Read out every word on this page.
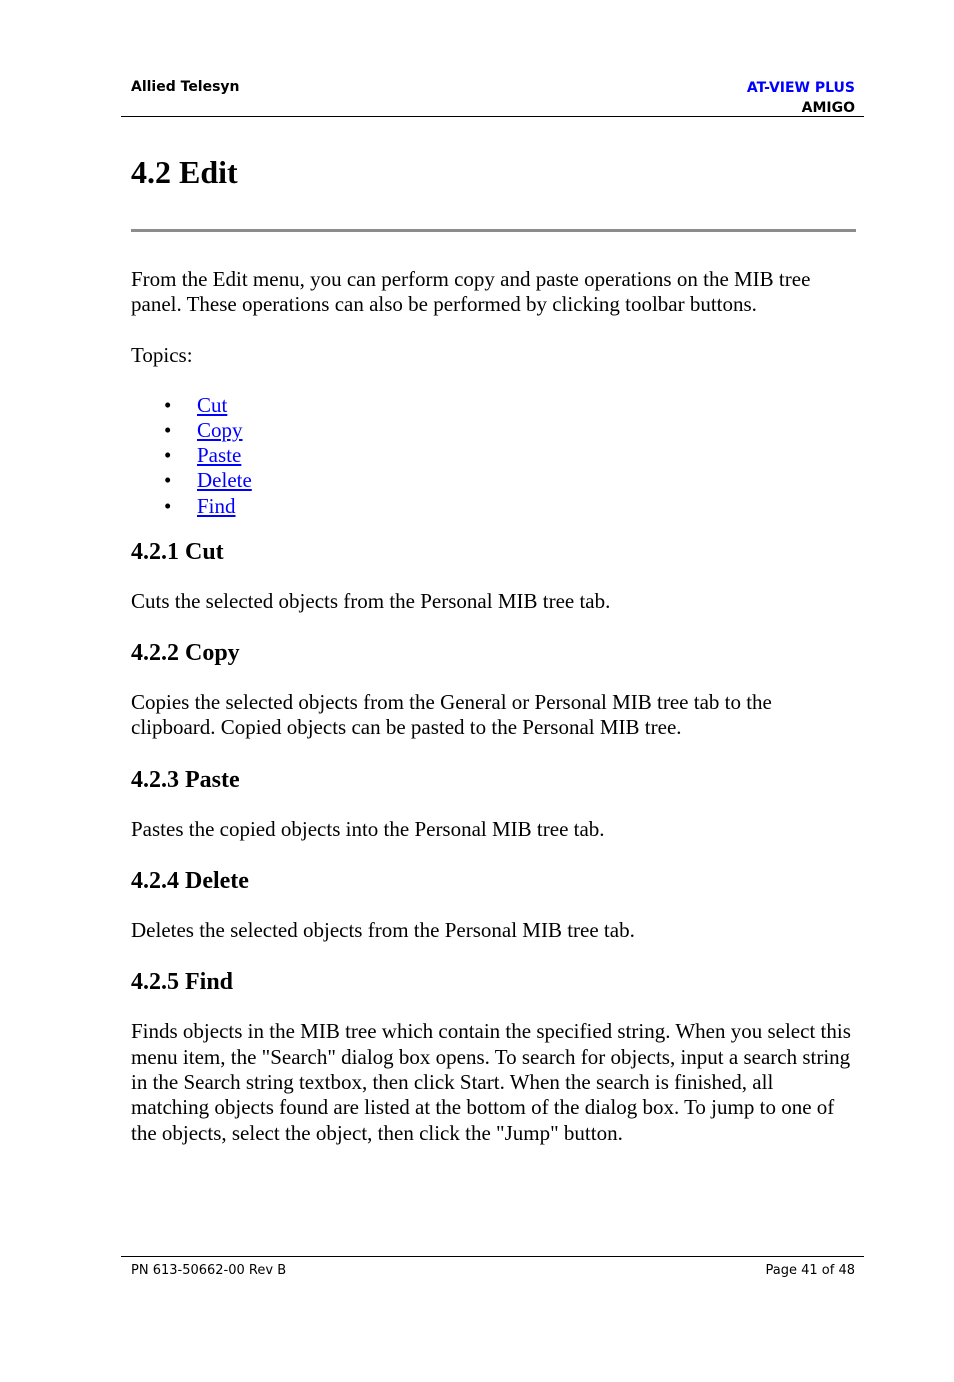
Allied Telesyn	AT-VIEW PLUS
AMIGO
4.2 Edit

From the Edit menu, you can perform copy and paste operations on the MIB tree panel. These operations can also be performed by clicking toolbar buttons.

Topics:

• Cut
• Copy
• Paste
• Delete
• Find
4.2.1 Cut

Cuts the selected objects from the Personal MIB tree tab.

4.2.2 Copy

Copies the selected objects from the General or Personal MIB tree tab to the clipboard. Copied objects can be pasted to the Personal MIB tree.

4.2.3 Paste

Pastes the copied objects into the Personal MIB tree tab.

4.2.4 Delete

Deletes the selected objects from the Personal MIB tree tab.

4.2.5 Find

Finds objects in the MIB tree which contain the specified string. When you select this menu item, the "Search" dialog box opens. To search for objects, input a search string in the Search string textbox, then click Start. When the search is finished, all matching objects found are listed at the bottom of the dialog box. To jump to one of the objects, select the object, then click the "Jump" button.

PN 613-50662-00 Rev B	Page 41 of 48
